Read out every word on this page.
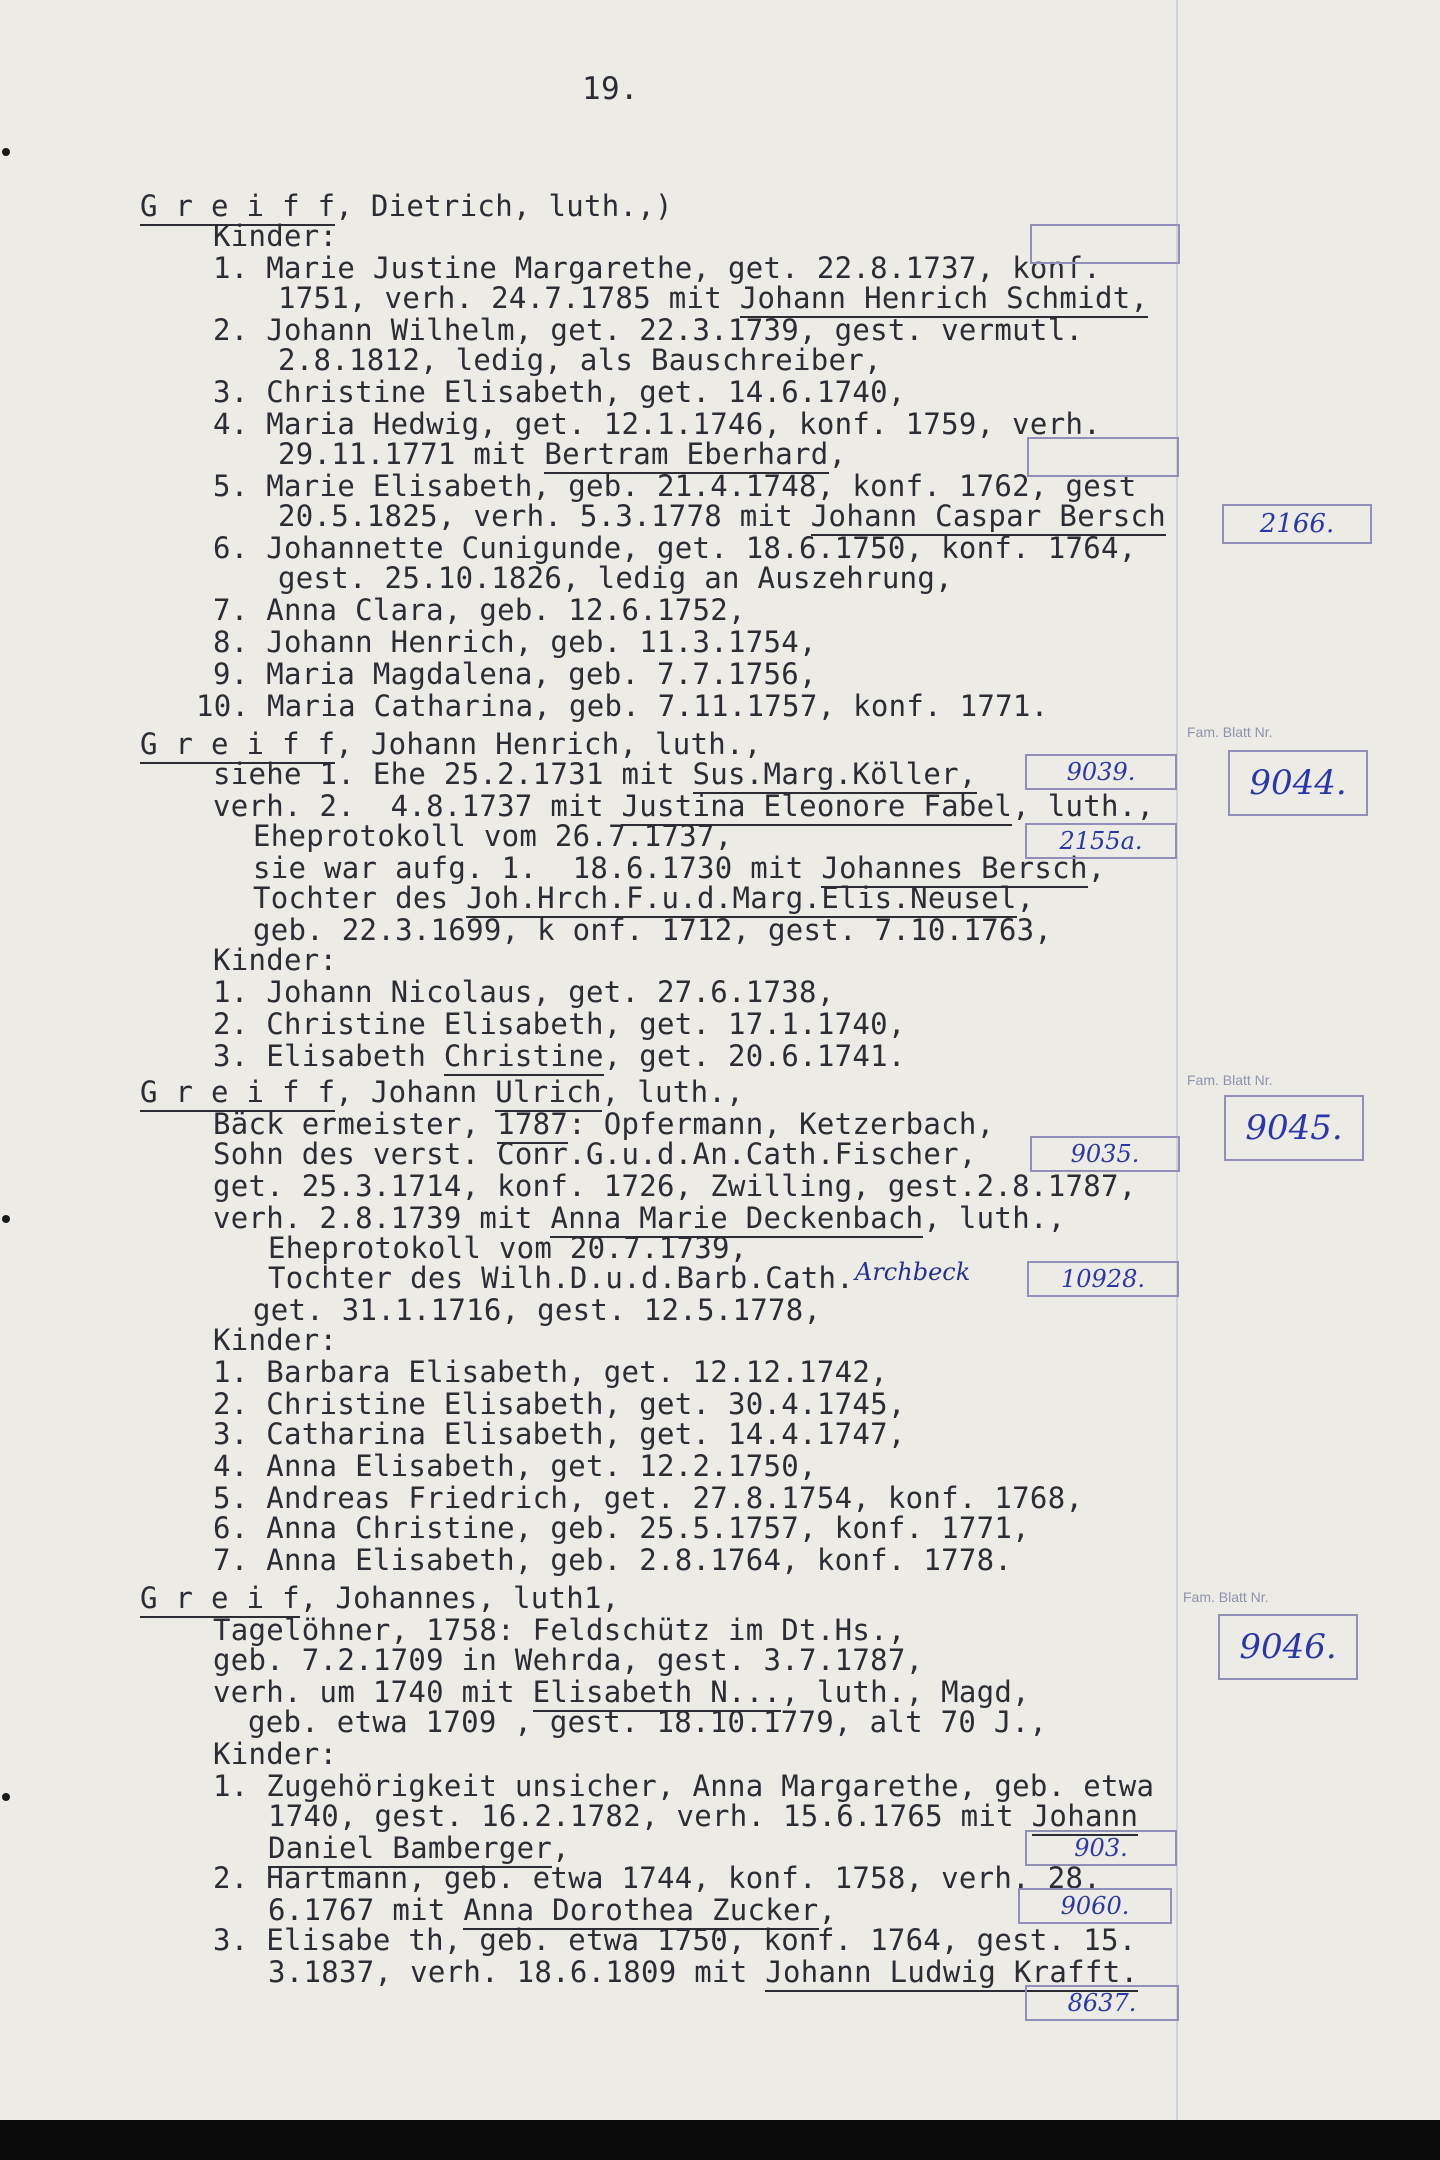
19.
G r e i f f, Dietrich, luth.,)
Kinder:
1. Marie Justine Margarethe, get. 22.8.1737, konf.
1751, verh. 24.7.1785 mit Johann Henrich Schmidt,
2. Johann Wilhelm, get. 22.3.1739, gest. vermutl.
2.8.1812, ledig, als Bauschreiber,
3. Christine Elisabeth, get. 14.6.1740,
4. Maria Hedwig, get. 12.1.1746, konf. 1759, verh.
29.11.1771 mit Bertram Eberhard,
5. Marie Elisabeth, geb. 21.4.1748, konf. 1762, gest
20.5.1825, verh. 5.3.1778 mit Johann Caspar Bersch
6. Johannette Cunigunde, get. 18.6.1750, konf. 1764,
gest. 25.10.1826, ledig an Auszehrung,
7. Anna Clara, geb. 12.6.1752,
8. Johann Henrich, geb. 11.3.1754,
9. Maria Magdalena, geb. 7.7.1756,
10. Maria Catharina, geb. 7.11.1757, konf. 1771.
G r e i f f, Johann Henrich, luth.,
siehe 1. Ehe 25.2.1731 mit Sus.Marg.Köller,
verh. 2.  4.8.1737 mit Justina Eleonore Fabel, luth.,
Eheprotokoll vom 26.7.1737,
sie war aufg. 1.  18.6.1730 mit Johannes Bersch,
Tochter des Joh.Hrch.F.u.d.Marg.Elis.Neusel,
geb. 22.3.1699, k onf. 1712, gest. 7.10.1763,
Kinder:
1. Johann Nicolaus, get. 27.6.1738,
2. Christine Elisabeth, get. 17.1.1740,
3. Elisabeth Christine, get. 20.6.1741.
G r e i f f, Johann Ulrich, luth.,
Bäck ermeister, 1787: Opfermann, Ketzerbach,
Sohn des verst. Conr.G.u.d.An.Cath.Fischer,
get. 25.3.1714, konf. 1726, Zwilling, gest.2.8.1787,
verh. 2.8.1739 mit Anna Marie Deckenbach, luth.,
Eheprotokoll vom 20.7.1739,
Tochter des Wilh.D.u.d.Barb.Cath.
get. 31.1.1716, gest. 12.5.1778,
Kinder:
1. Barbara Elisabeth, get. 12.12.1742,
2. Christine Elisabeth, get. 30.4.1745,
3. Catharina Elisabeth, get. 14.4.1747,
4. Anna Elisabeth, get. 12.2.1750,
5. Andreas Friedrich, get. 27.8.1754, konf. 1768,
6. Anna Christine, geb. 25.5.1757, konf. 1771,
7. Anna Elisabeth, geb. 2.8.1764, konf. 1778.
G r e i f, Johannes, luth1,
Tagelöhner, 1758: Feldschütz im Dt.Hs.,
geb. 7.2.1709 in Wehrda, gest. 3.7.1787,
verh. um 1740 mit Elisabeth N..., luth., Magd,
geb. etwa 1709 , gest. 18.10.1779, alt 70 J.,
Kinder:
1. Zugehörigkeit unsicher, Anna Margarethe, geb. etwa
1740, gest. 16.2.1782, verh. 15.6.1765 mit Johann
Daniel Bamberger,
2. Hartmann, geb. etwa 1744, konf. 1758, verh. 28.
6.1767 mit Anna Dorothea Zucker,
3. Elisabe th, geb. etwa 1750, konf. 1764, gest. 15.
3.1837, verh. 18.6.1809 mit Johann Ludwig Krafft.
Fam. Blatt Nr.
Fam. Blatt Nr.
Fam. Blatt Nr.
2166.
9039.	9044.
2155a.
9045.
9035.
10928.
9046.
903.
9060.
8637.
Archbeck
